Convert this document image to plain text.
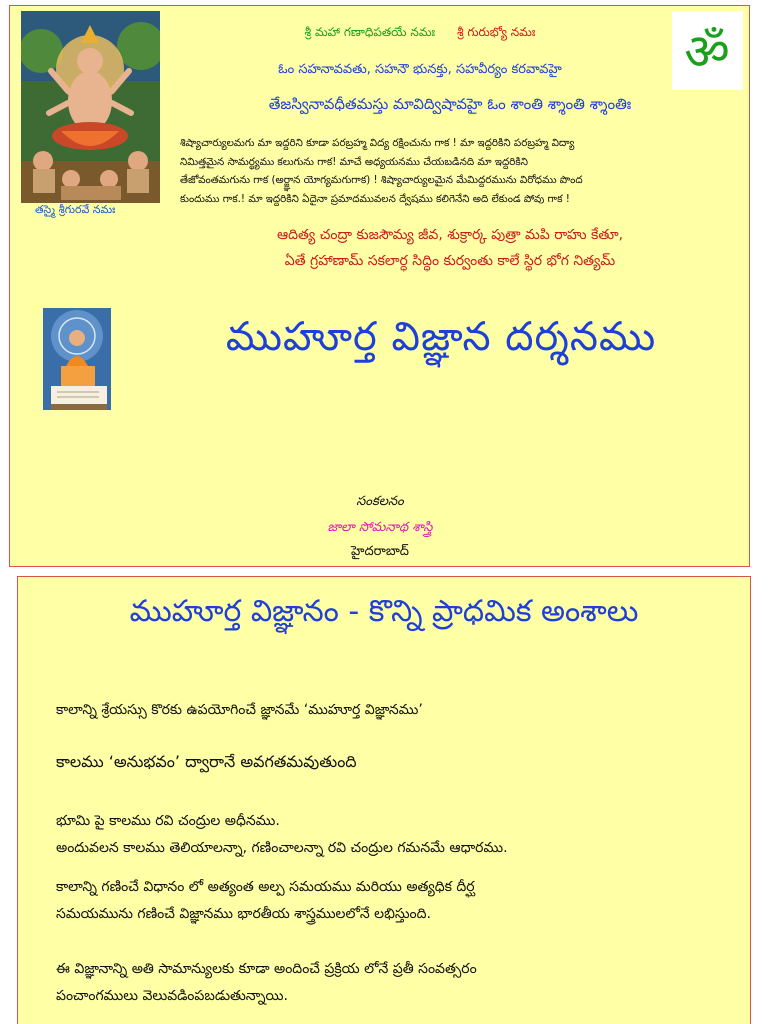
తస్మై శ్రీగురవే నమః
ॐ
శ్రీ మహా గణాధిపతయే నమః శ్రీ గురుభ్యో నమః
ఓం సహనావవతు, సహనౌ భునక్తు, సహవీర్యం కరవావహై
తేజస్వినావధీతమస్తు మావిద్విషావహై ఓం శాంతి శ్శాంతి శ్శాంతిః
శిష్యాచార్యులమగు మా ఇద్దరిని కూడా పరబ్రహ్మ విద్య రక్షించును గాక ! మా ఇద్దరికిని పరబ్రహ్మ విద్యా
నిమిత్తమైన సామర్థ్యము కలుగును గాక! మాచే అధ్యయనము చేయబడినది మా ఇద్దరికిని
తేజోవంతమగును గాక (అర్జ్ఞాన యోగ్యమగుగాక) ! శిష్యాచార్యులమైన మేమిద్దరమును విరోధము పొంద
కుందుము గాక.! మా ఇద్దరికిని ఏదైనా ప్రమాదమువలన ద్వేషము కలిగెనేని అది లేకుండ పోవు గాక !
ఆదిత్య చంద్రా కుజసౌమ్య జీవ, శుక్రార్క పుత్రా మపి రాహు కేతూ,
ఏతే గ్రహాణామ్ సకలార్ధ సిద్ధిం కుర్వంతు కాలే స్థిర భోగ నిత్యమ్
ముహూర్త విజ్ఞాన దర్శనము
సంకలనం
జాలా సోమనాథ శాస్త్రి
హైదరాబాద్
ముహూర్త విజ్ఞానం - కొన్ని ప్రాధమిక అంశాలు
కాలాన్ని శ్రేయస్సు కొరకు ఉపయోగించే జ్ఞానమే ‘ముహూర్త విజ్ఞానము’
కాలము ‘అనుభవం’ ద్వారానే అవగతమవుతుంది
భూమి పై కాలము రవి చంద్రుల అధీనము.
అందువలన కాలము తెలియాలన్నా, గణించాలన్నా రవి చంద్రుల గమనమే ఆధారము.
కాలాన్ని గణించే విధానం లో అత్యంత అల్ప సమయము మరియు అత్యధిక దీర్ఘ
సమయమును గణించే విజ్ఞానము భారతీయ శాస్త్రములలోనే లభిస్తుంది.
ఈ విజ్ఞానాన్ని అతి సామాన్యులకు కూడా అందించే ప్రక్రియ లోనే ప్రతీ సంవత్సరం
పంచాంగములు వెలువడింపబడుతున్నాయి.
